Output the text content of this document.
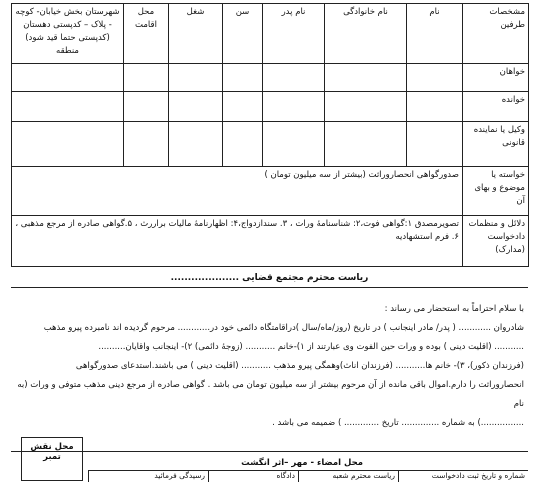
مشخصات طرفین	نام	نام خانوادگی	نام پدر	سن	شغل	محل اقامت	شهرستان بخش خیابان- کوچه - پلاک – کدپستی دهستان (کدپستی حتما قید شود) منطقه
خواهان							
خوانده							
وکیل یا نماینده قانونی							
خواسته یا موضوع و بهای آن	صدورگواهی انحصاروراثت (بیشتر از سه میلیون تومان )						
دلائل و منظمات دادخواست (مدارک)	تصویرمصدق ۱:گواهی فوت،۲: شناسنامهٔ ورات ، ۳. سندازدواج،۴: اظهارنامهٔ مالیات براررث ، ۵.گواهی صادره از مرجع مذهبی ، ۶. فرم استشهادیه						
ریاست محترم مجتمع قضایی ....................
با سلام احتراماً به استحضار می رساند :
شادروان ............ ( پدر/ مادر اینجانب ) در تاریخ (روز/ماه/سال )دراقامتگاه دائمی خود در............ مرحوم گردیده اند نامبرده پیرو مذهب
........... (اقلیت دینی ) بوده و ورات حین الفوت وی عبارتند از ۱)-خانم ........... (زوجهٔ دائمی) ۲)- اینجانب واقایان..........
(فرزندان ذکور)، ۳)- خانم ها........... (فرزندان اناث)وهمگی پیرو مذهب ........... (اقلیت دینی ) می باشند.استدعای صدورگواهی
انحصاروراثت را دارم.اموال باقی مانده از آن مرحوم بیشتر از سه میلیون تومان می باشد . گواهی صادره از مرجع دینی مذهب متوفی و ورات (به نام
................) به شماره .............. تاریخ ............. ) ضمیمه می باشد .
محل امضاء - مهر –اثر انگشت
محل نقش تمبر
شماره و تاریخ ثبت دادخواست
ریاست محترم شعبه
دادگاه
رسیدگی فرمائید
